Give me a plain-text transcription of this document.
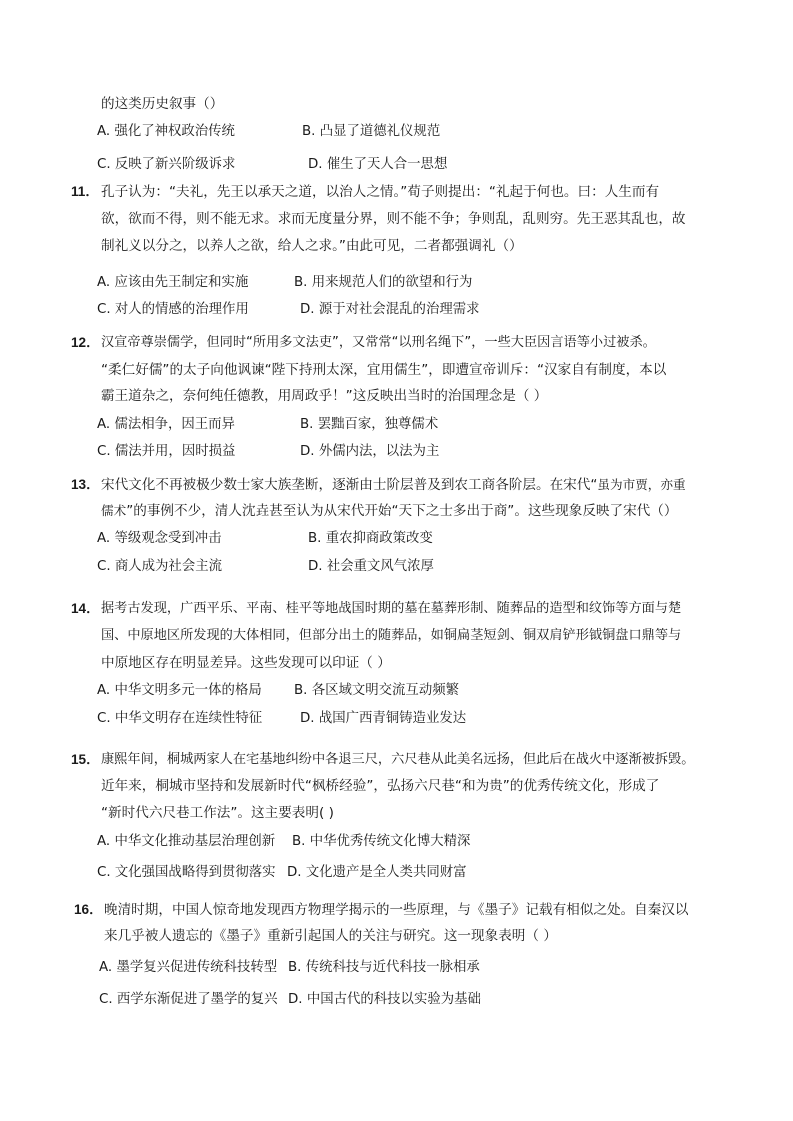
的这类历史叙事（）
A. 强化了神权政治传统	B. 凸显了道德礼仪规范
C. 反映了新兴阶级诉求	D. 催生了天人合一思想
11． 孔子认为：“夫礼，先王以承天之道，以治人之情。”荀子则提出：“礼起于何也。曰：人生而有
欲，欲而不得，则不能无求。求而无度量分界，则不能不争；争则乱，乱则穷。先王恶其乱也，故
制礼义以分之，以养人之欲，给人之求。”由此可见，二者都强调礼（）
A. 应该由先王制定和实施	B. 用来规范人们的欲望和行为
C. 对人的情感的治理作用	D. 源于对社会混乱的治理需求
12． 汉宣帝尊崇儒学，但同时“所用多文法吏”，又常常“以刑名绳下”，一些大臣因言语等小过被杀。
“柔仁好儒”的太子向他讽谏“陛下持刑太深，宜用儒生”，即遭宣帝训斥：“汉家自有制度，本以
霸王道杂之，奈何纯任德教，用周政乎！”这反映出当时的治国理念是（ ）
A. 儒法相争，因王而异	B. 罢黜百家，独尊儒术
C. 儒法并用，因时损益	D. 外儒内法，以法为主
13． 宋代文化不再被极少数士家大族垄断，逐渐由士阶层普及到农工商各阶层。在宋代“虽为市贾，亦重
儒术”的事例不少，清人沈垚甚至认为从宋代开始“天下之士多出于商”。这些现象反映了宋代（）
A. 等级观念受到冲击	B. 重农抑商政策改变
C. 商人成为社会主流	D. 社会重文风气浓厚
14． 据考古发现，广西平乐、平南、桂平等地战国时期的墓在墓葬形制、随葬品的造型和纹饰等方面与楚
国、中原地区所发现的大体相同，但部分出土的随葬品，如铜扁茎短剑、铜双肩铲形钺铜盘口鼎等与
中原地区存在明显差异。这些发现可以印证（ ）
A. 中华文明多元一体的格局 B. 各区域文明交流互动频繁
C. 中华文明存在连续性特征	D. 战国广西青铜铸造业发达
15． 康熙年间，桐城两家人在宅基地纠纷中各退三尺，六尺巷从此美名远扬，但此后在战火中逐渐被拆毁。
近年来，桐城市坚持和发展新时代“枫桥经验”，弘扬六尺巷“和为贵”的优秀传统文化，形成了
“新时代六尺巷工作法”。这主要表明( )
A. 中华文化推动基层治理创新 B. 中华优秀传统文化博大精深
C. 文化强国战略得到贯彻落实 D. 文化遗产是全人类共同财富
16． 晚清时期，中国人惊奇地发现西方物理学揭示的一些原理，与《墨子》记载有相似之处。自秦汉以
来几乎被人遗忘的《墨子》重新引起国人的关注与研究。这一现象表明（ ）
A. 墨学复兴促进传统科技转型 B. 传统科技与近代科技一脉相承
C. 西学东渐促进了墨学的复兴 D. 中国古代的科技以实验为基础
